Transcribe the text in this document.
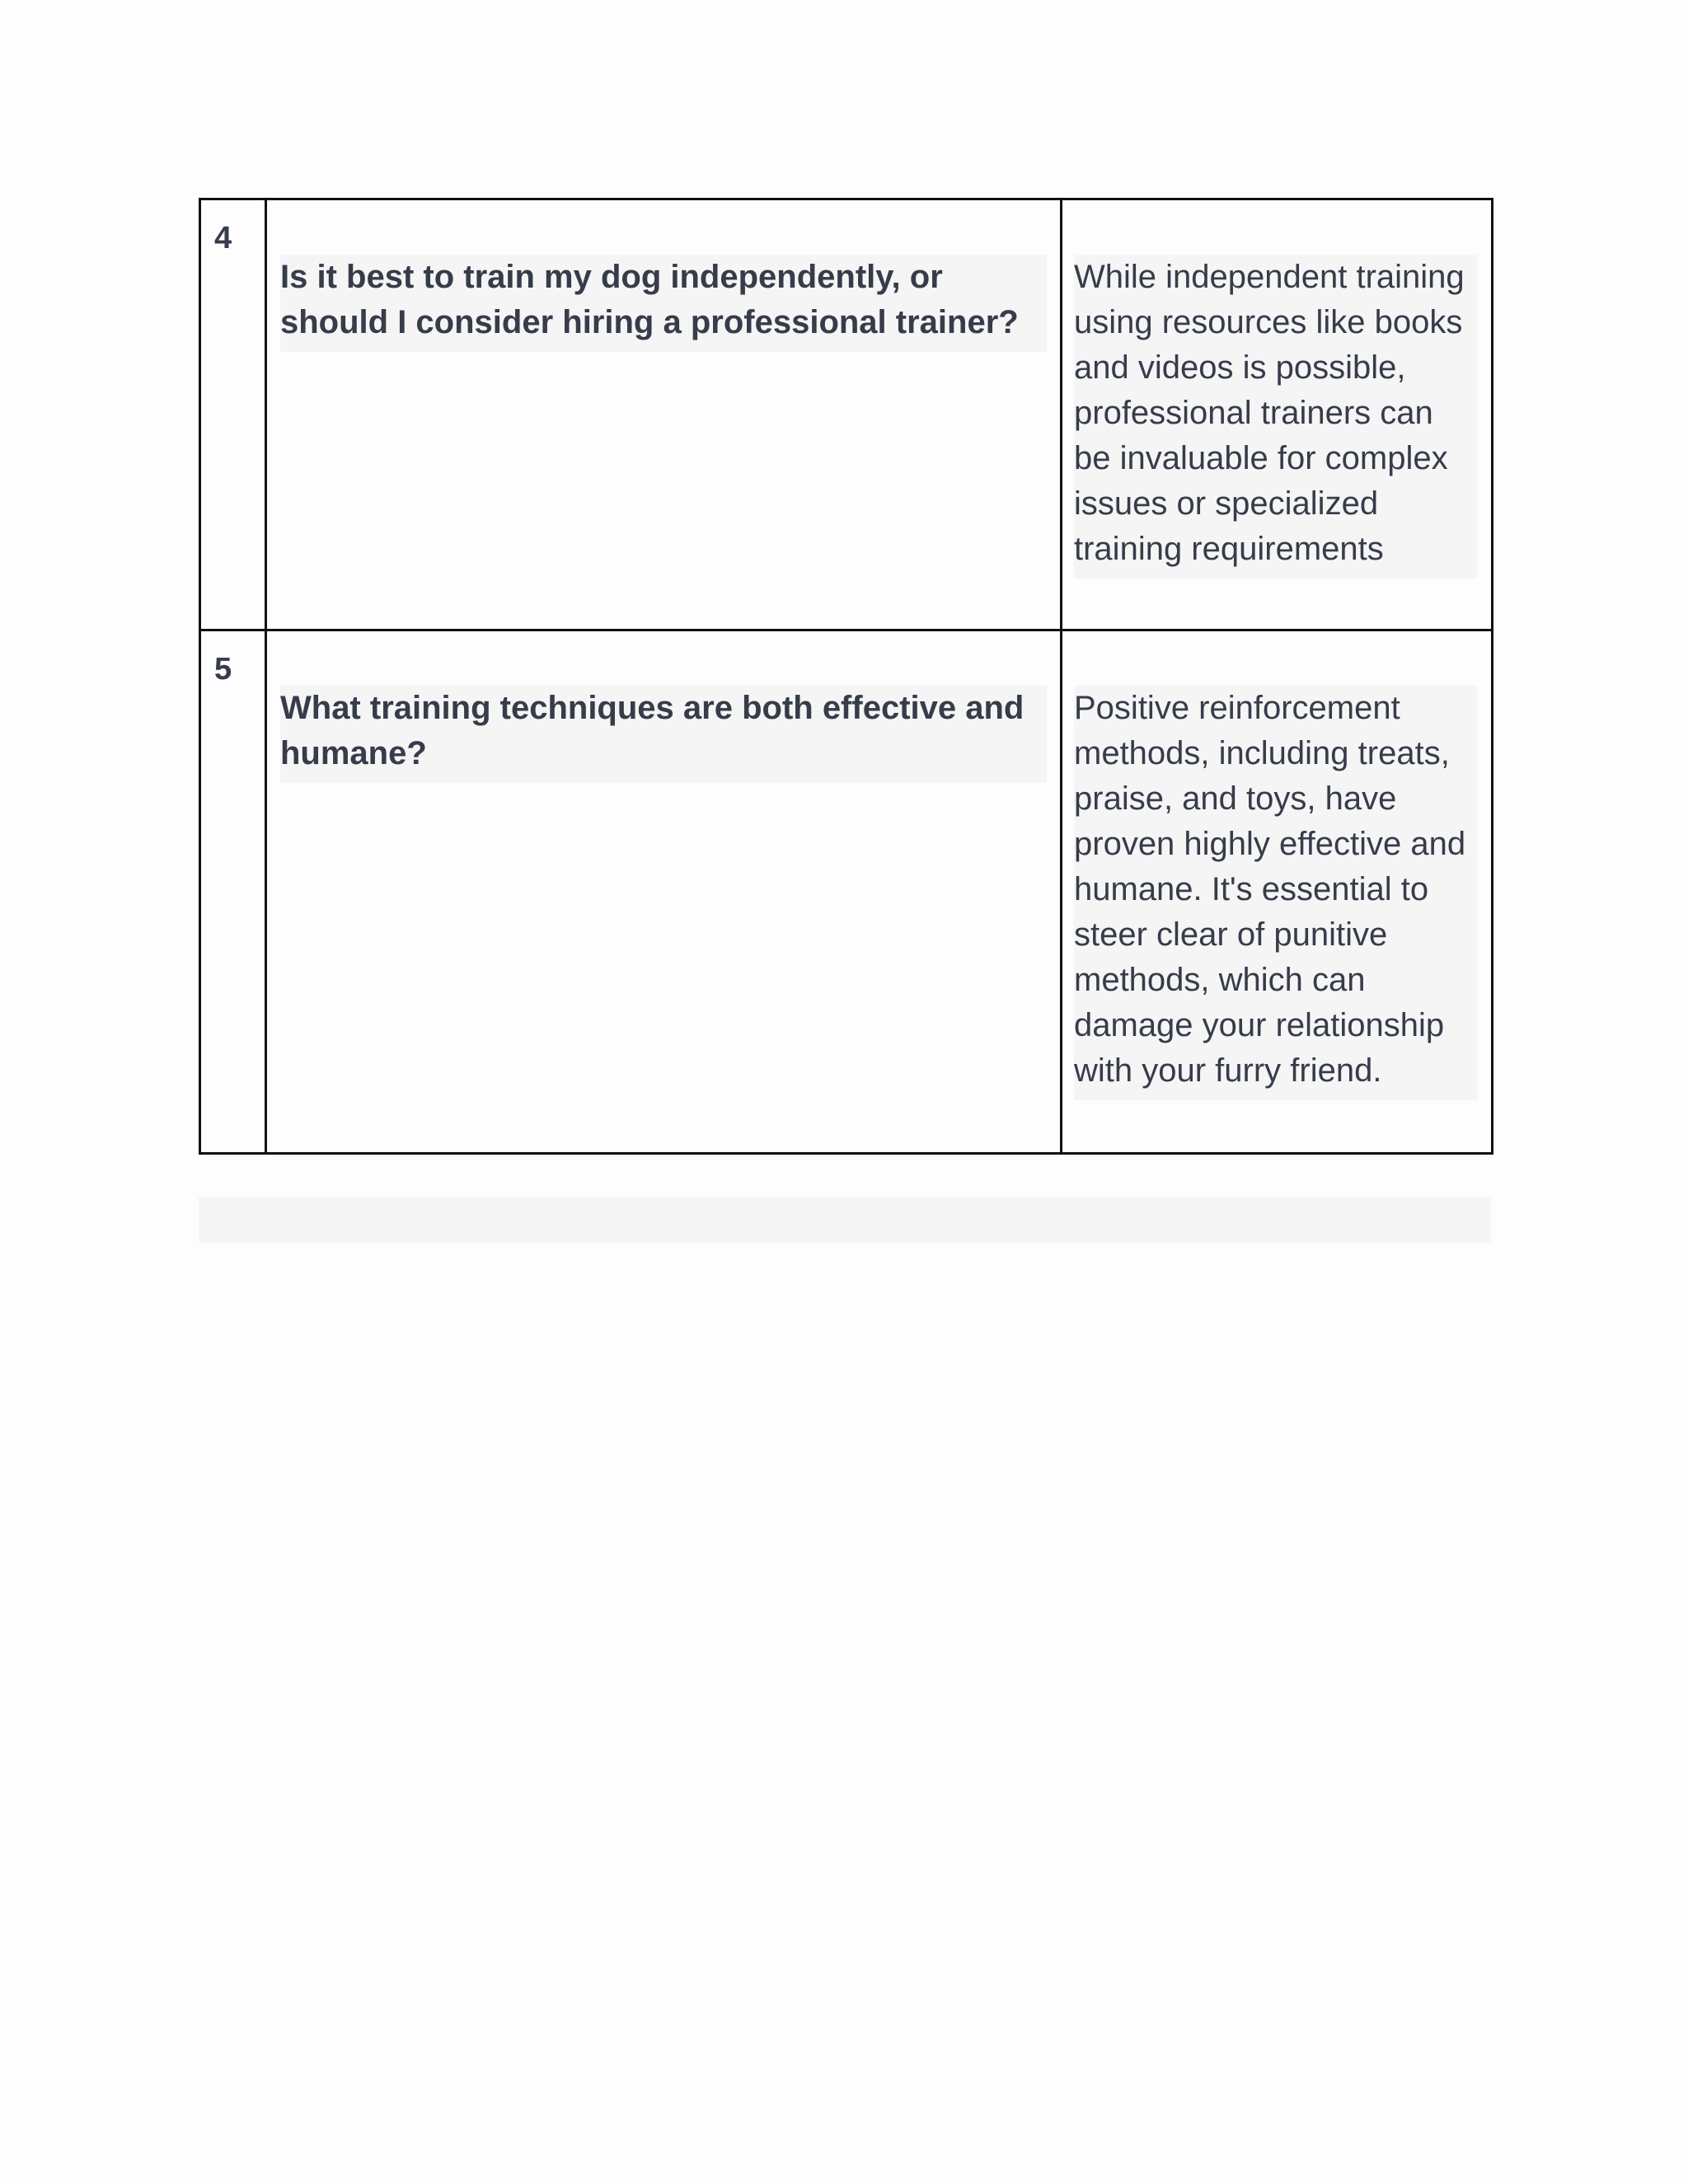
4	Is it best to train my dog independently, or should I consider hiring a professional trainer?	While independent training using resources like books and videos is possible, professional trainers can be invaluable for complex issues or specialized training requirements

5	What training techniques are both effective and humane?	Positive reinforcement methods, including treats, praise, and toys, have proven highly effective and humane. It's essential to steer clear of punitive methods, which can damage your relationship with your furry friend.
